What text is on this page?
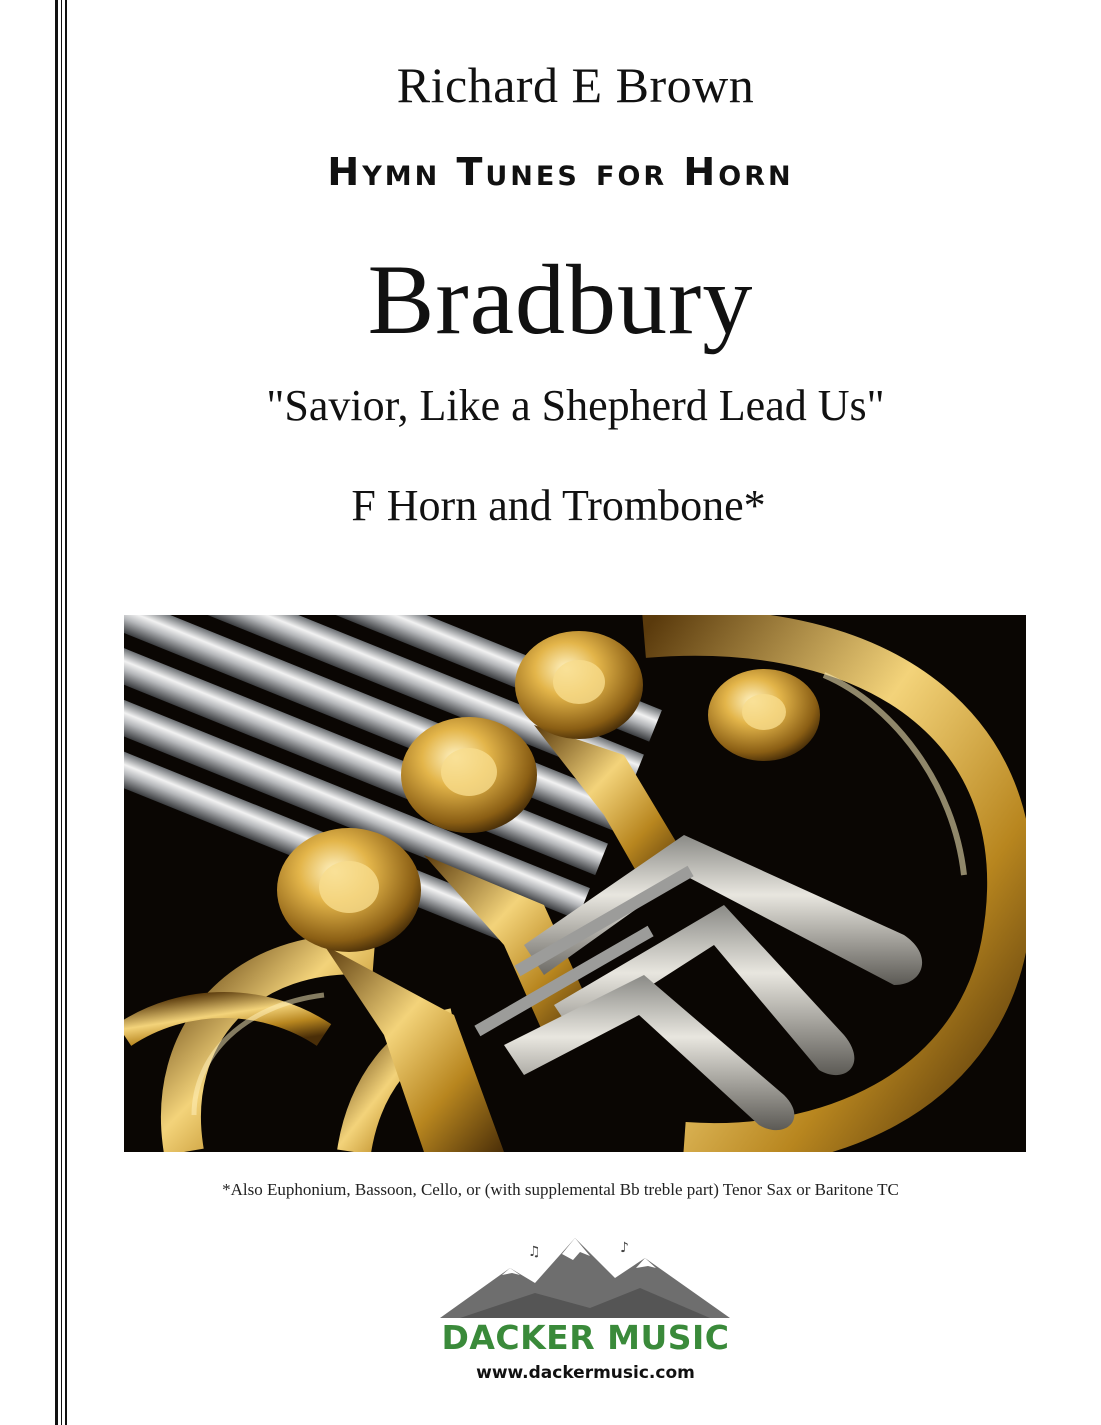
Richard E Brown
Hymn Tunes for Horn
Bradbury
"Savior, Like a Shepherd Lead Us"
F Horn and Trombone*
*Also Euphonium, Bassoon, Cello, or (with supplemental Bb treble part) Tenor Sax or Baritone TC
♫	♪
DACKER MUSIC
www.dackermusic.com
